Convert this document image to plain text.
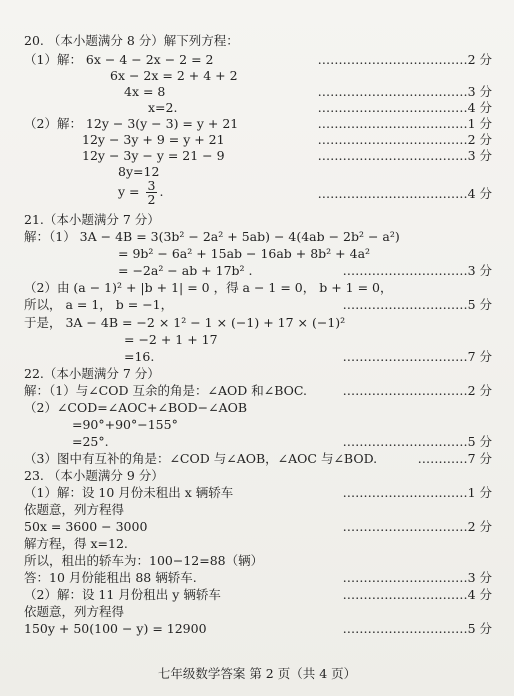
20. （本小题满分 8 分）解下列方程：
（1）解： 6x − 4 − 2x − 2 = 2	………………………………2 分
6x − 2x = 2 + 4 + 2
4x = 8	………………………………3 分
x=2.	………………………………4 分
（2）解： 12y − 3(y − 3) = y + 21	………………………………1 分
12y − 3y + 9 = y + 21	………………………………2 分
12y − 3y − y = 21 − 9	………………………………3 分
8y=12
$y = \frac{3}{2}$ .	………………………………4 分
21.（本小题满分 7 分）
解：（1） 3A − 4B = 3(3b² − 2a² + 5ab) − 4(4ab − 2b² − a²)
= 9b² − 6a² + 15ab − 16ab + 8b² + 4a²
= −2a² − ab + 17b² .	…………………………3 分
（2）由 (a − 1)² + |b + 1| = 0 ，得 a − 1 = 0， b + 1 = 0，
所以， a = 1， b = −1，	…………………………5 分
于是， 3A − 4B = −2 × 1² − 1 × (−1) + 17 × (−1)²
= −2 + 1 + 17
=16.	…………………………7 分
22.（本小题满分 7 分）
解：（1）与∠COD 互余的角是：∠AOD 和∠BOC.	…………………………2 分
（2）∠COD=∠AOC+∠BOD−∠AOB
=90°+90°−155°
=25°.	…………………………5 分
（3）图中有互补的角是：∠COD 与∠AOB，∠AOC 与∠BOD.	…………7 分
23. （本小题满分 9 分）
（1）解：设 10 月份未租出 x 辆轿车	…………………………1 分
依题意，列方程得
50x = 3600 − 3000	…………………………2 分
解方程，得 x=12.
所以，租出的轿车为：100−12=88（辆）
答：10 月份能租出 88 辆轿车.	…………………………3 分
（2）解：设 11 月份租出 y 辆轿车	…………………………4 分
依题意，列方程得
150y + 50(100 − y) = 12900	…………………………5 分
七年级数学答案 第 2 页（共 4 页）
